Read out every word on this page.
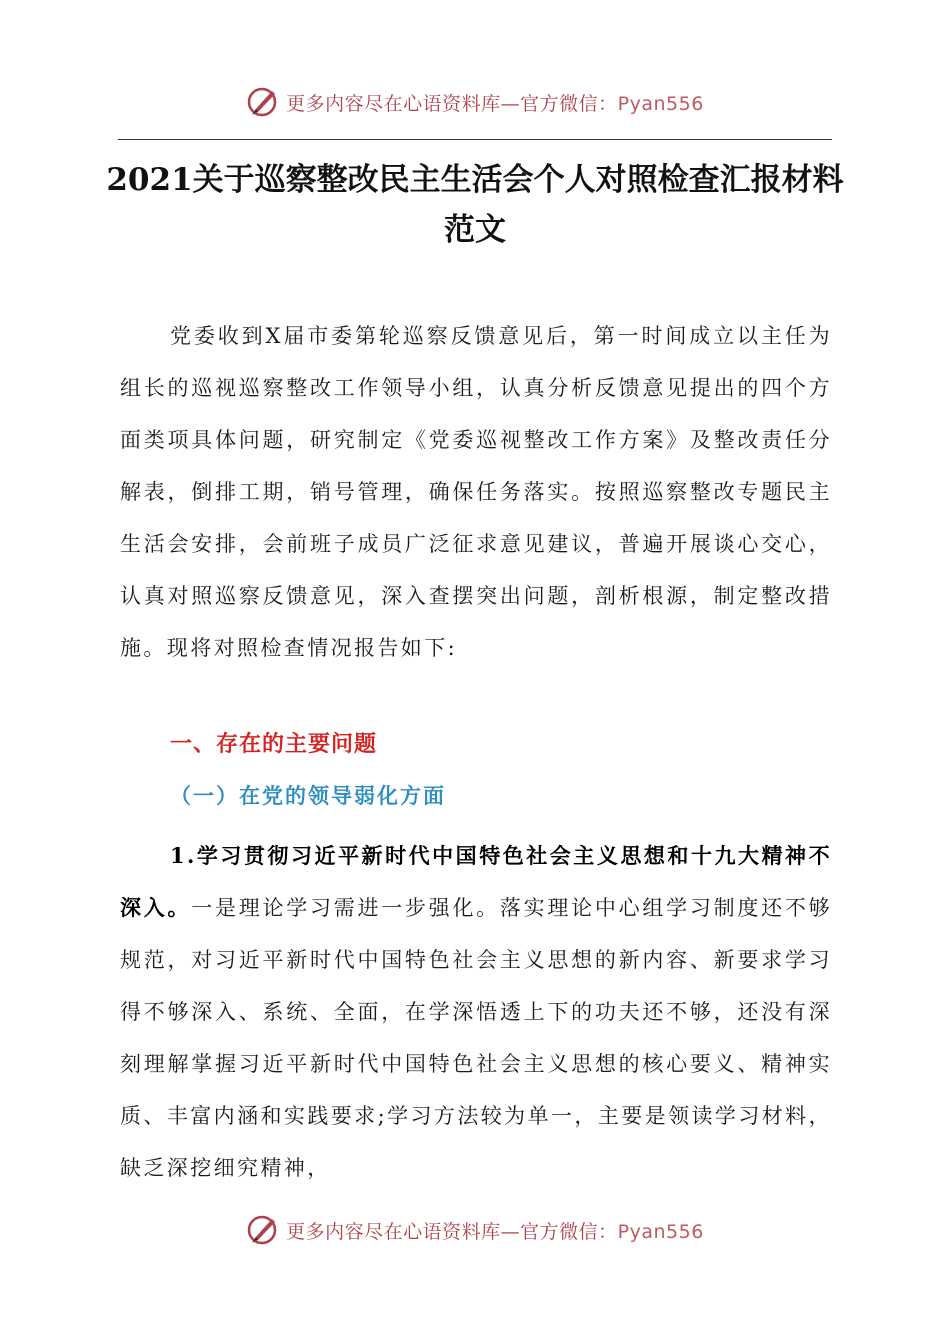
更多内容尽在心语资料库—官方微信：Pyan556
2021关于巡察整改民主生活会个人对照检查汇报材料范文

党委收到X届市委第轮巡察反馈意见后，第一时间成立以主任为组长的巡视巡察整改工作领导小组，认真分析反馈意见提出的四个方面类项具体问题，研究制定《党委巡视整改工作方案》及整改责任分解表，倒排工期，销号管理，确保任务落实。按照巡察整改专题民主生活会安排，会前班子成员广泛征求意见建议，普遍开展谈心交心，认真对照巡察反馈意见，深入查摆突出问题，剖析根源，制定整改措施。现将对照检查情况报告如下:

一、存在的主要问题
（一）在党的领导弱化方面

1.学习贯彻习近平新时代中国特色社会主义思想和十九大精神不深入。一是理论学习需进一步强化。落实理论中心组学习制度还不够规范，对习近平新时代中国特色社会主义思想的新内容、新要求学习得不够深入、系统、全面，在学深悟透上下的功夫还不够，还没有深刻理解掌握习近平新时代中国特色社会主义思想的核心要义、精神实质、丰富内涵和实践要求;学习方法较为单一，主要是领读学习材料，缺乏深挖细究精神，

更多内容尽在心语资料库—官方微信：Pyan556
